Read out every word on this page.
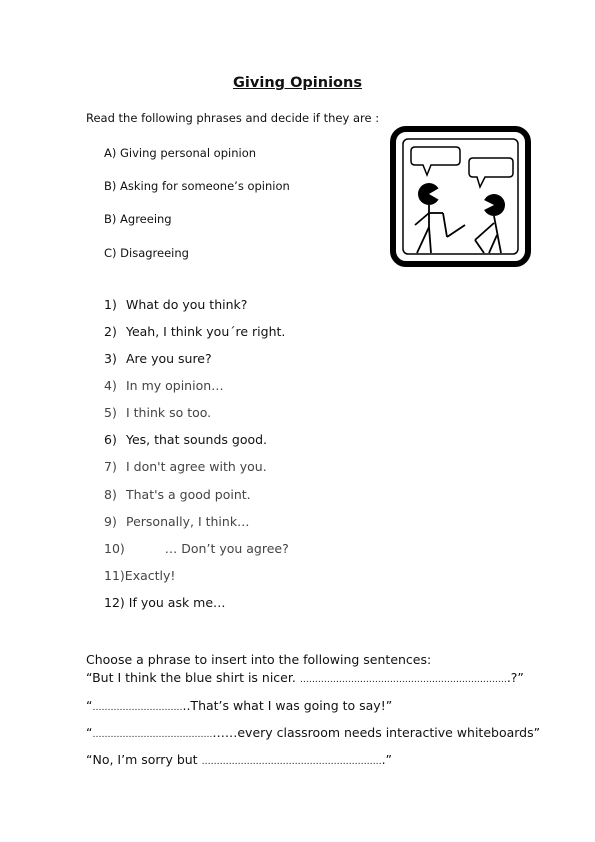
Giving Opinions
Read the following phrases and decide if they are :
A) Giving personal opinion
B) Asking for someone’s opinion
B) Agreeing
C) Disagreeing
1) What do you think?
2) Yeah, I think you´re right.
3) Are you sure?
4) In my opinion…
5) I think so too.
6) Yes, that sounds good.
7) I don't agree with you.
8) That's a good point.
9) Personally, I think…
10)	… Don’t you agree?
11)Exactly!
12) If you ask me…
Choose a phrase to insert into the following sentences:
“But I think the blue shirt is nicer. …………………………………………………………….?”
“…………………………..That’s what I was going to say!”
“………………………………….……every classroom needs interactive whiteboards”
“No, I’m sorry but …………………………………………………….”
